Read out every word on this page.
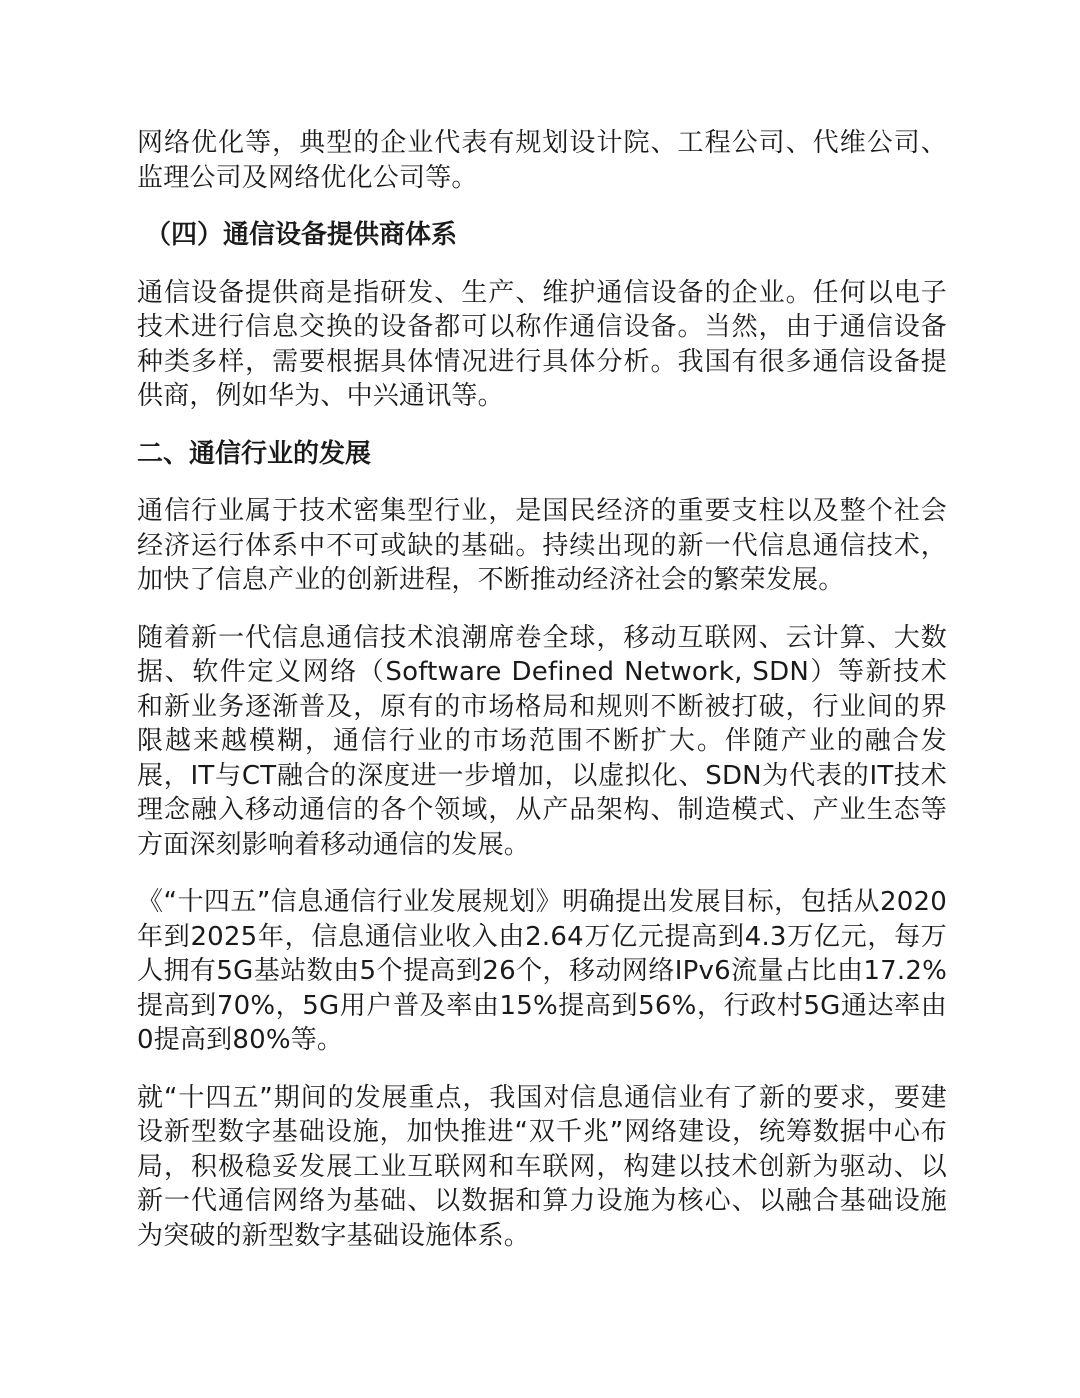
网络优化等，典型的企业代表有规划设计院、工程公司、代维公司、监理公司及网络优化公司等。

（四）通信设备提供商体系

通信设备提供商是指研发、生产、维护通信设备的企业。任何以电子技术进行信息交换的设备都可以称作通信设备。当然，由于通信设备种类多样，需要根据具体情况进行具体分析。我国有很多通信设备提供商，例如华为、中兴通讯等。

二、通信行业的发展

通信行业属于技术密集型行业，是国民经济的重要支柱以及整个社会经济运行体系中不可或缺的基础。持续出现的新一代信息通信技术，加快了信息产业的创新进程，不断推动经济社会的繁荣发展。

随着新一代信息通信技术浪潮席卷全球，移动互联网、云计算、大数据、软件定义网络（Software Defined Network, SDN）等新技术和新业务逐渐普及，原有的市场格局和规则不断被打破，行业间的界限越来越模糊，通信行业的市场范围不断扩大。伴随产业的融合发展，IT与CT融合的深度进一步增加，以虚拟化、SDN为代表的IT技术理念融入移动通信的各个领域，从产品架构、制造模式、产业生态等方面深刻影响着移动通信的发展。

《“十四五”信息通信行业发展规划》明确提出发展目标，包括从2020年到2025年，信息通信业收入由2.64万亿元提高到4.3万亿元，每万人拥有5G基站数由5个提高到26个，移动网络IPv6流量占比由17.2%提高到70%，5G用户普及率由15%提高到56%，行政村5G通达率由0提高到80%等。

就“十四五”期间的发展重点，我国对信息通信业有了新的要求，要建设新型数字基础设施，加快推进“双千兆”网络建设，统筹数据中心布局，积极稳妥发展工业互联网和车联网，构建以技术创新为驱动、以新一代通信网络为基础、以数据和算力设施为核心、以融合基础设施为突破的新型数字基础设施体系。
